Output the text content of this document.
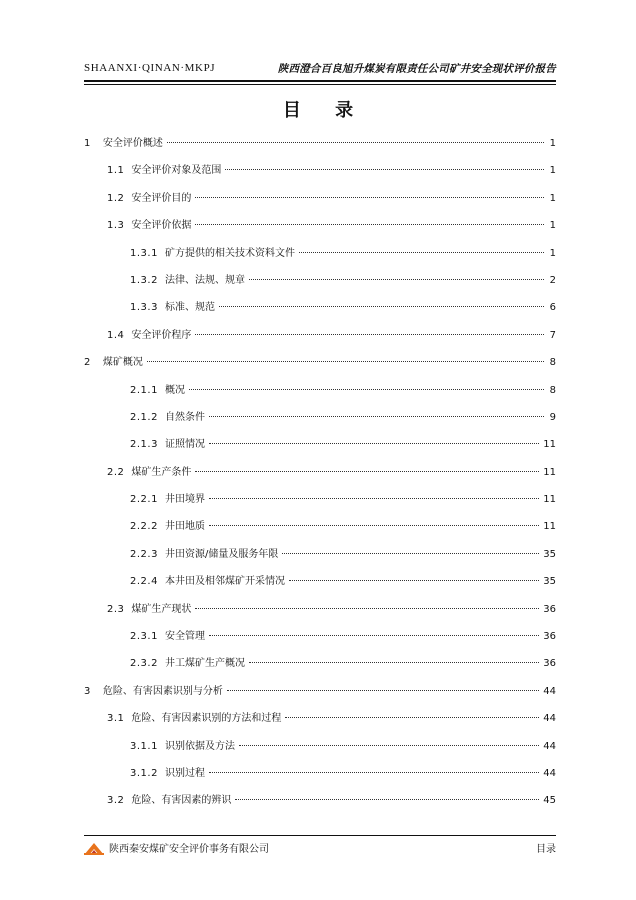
SHAANXI·QINAN·MKPJ	陕西澄合百良旭升煤炭有限责任公司矿井安全现状评价报告
目 录
1 安全评价概述	1
1.1 安全评价对象及范围	1
1.2 安全评价目的	1
1.3 安全评价依据	1
1.3.1 矿方提供的相关技术资料文件	1
1.3.2 法律、法规、规章	2
1.3.3 标准、规范	6
1.4 安全评价程序	7
2 煤矿概况	8
2.1.1 概况	8
2.1.2 自然条件	9
2.1.3 证照情况	11
2.2 煤矿生产条件	11
2.2.1 井田境界	11
2.2.2 井田地质	11
2.2.3 井田资源/储量及服务年限	35
2.2.4 本井田及相邻煤矿开采情况	35
2.3 煤矿生产现状	36
2.3.1 安全管理	36
2.3.2 井工煤矿生产概况	36
3 危险、有害因素识别与分析	44
3.1 危险、有害因素识别的方法和过程	44
3.1.1 识别依据及方法	44
3.1.2 识别过程	44
3.2 危险、有害因素的辨识	45
陕西秦安煤矿安全评价事务有限公司	目录
